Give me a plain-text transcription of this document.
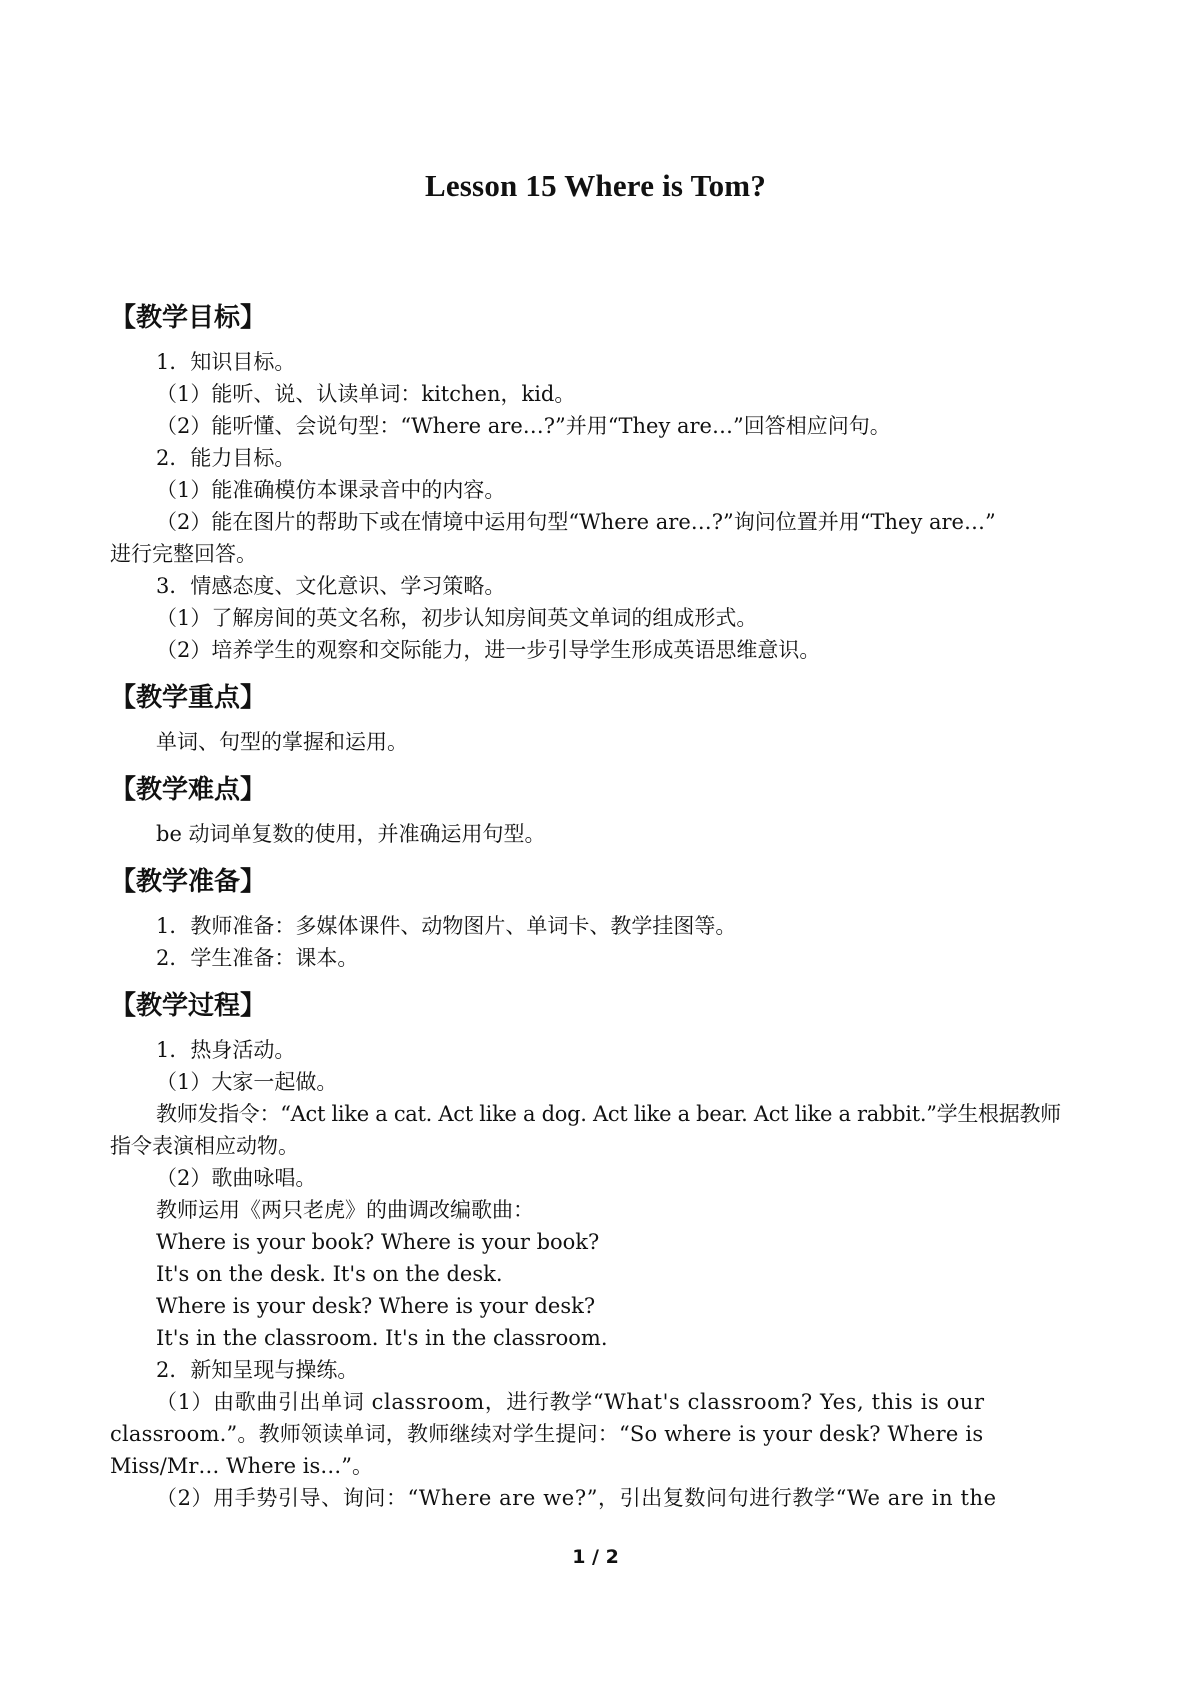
Lesson 15 Where is Tom?
【教学目标】
1．知识目标。
（1）能听、说、认读单词：kitchen，kid。
（2）能听懂、会说句型：“Where are…?”并用“They are…”回答相应问句。
2．能力目标。
（1）能准确模仿本课录音中的内容。
（2）能在图片的帮助下或在情境中运用句型“Where are…?”询问位置并用“They are…”
进行完整回答。
3．情感态度、文化意识、学习策略。
（1）了解房间的英文名称，初步认知房间英文单词的组成形式。
（2）培养学生的观察和交际能力，进一步引导学生形成英语思维意识。
【教学重点】
单词、句型的掌握和运用。
【教学难点】
be 动词单复数的使用，并准确运用句型。
【教学准备】
1．教师准备：多媒体课件、动物图片、单词卡、教学挂图等。
2．学生准备：课本。
【教学过程】
1．热身活动。
（1）大家一起做。
教师发指令：“Act like a cat. Act like a dog. Act like a bear. Act like a rabbit.”学生根据教师
指令表演相应动物。
（2）歌曲咏唱。
教师运用《两只老虎》的曲调改编歌曲：
Where is your book? Where is your book?
It's on the desk. It's on the desk.
Where is your desk? Where is your desk?
It's in the classroom. It's in the classroom.
2．新知呈现与操练。
（1）由歌曲引出单词 classroom，进行教学“What's classroom? Yes, this is our
classroom.”。教师领读单词，教师继续对学生提问：“So where is your desk? Where is
Miss/Mr… Where is…”。
（2）用手势引导、询问：“Where are we?”，引出复数问句进行教学“We are in the
1 / 2
